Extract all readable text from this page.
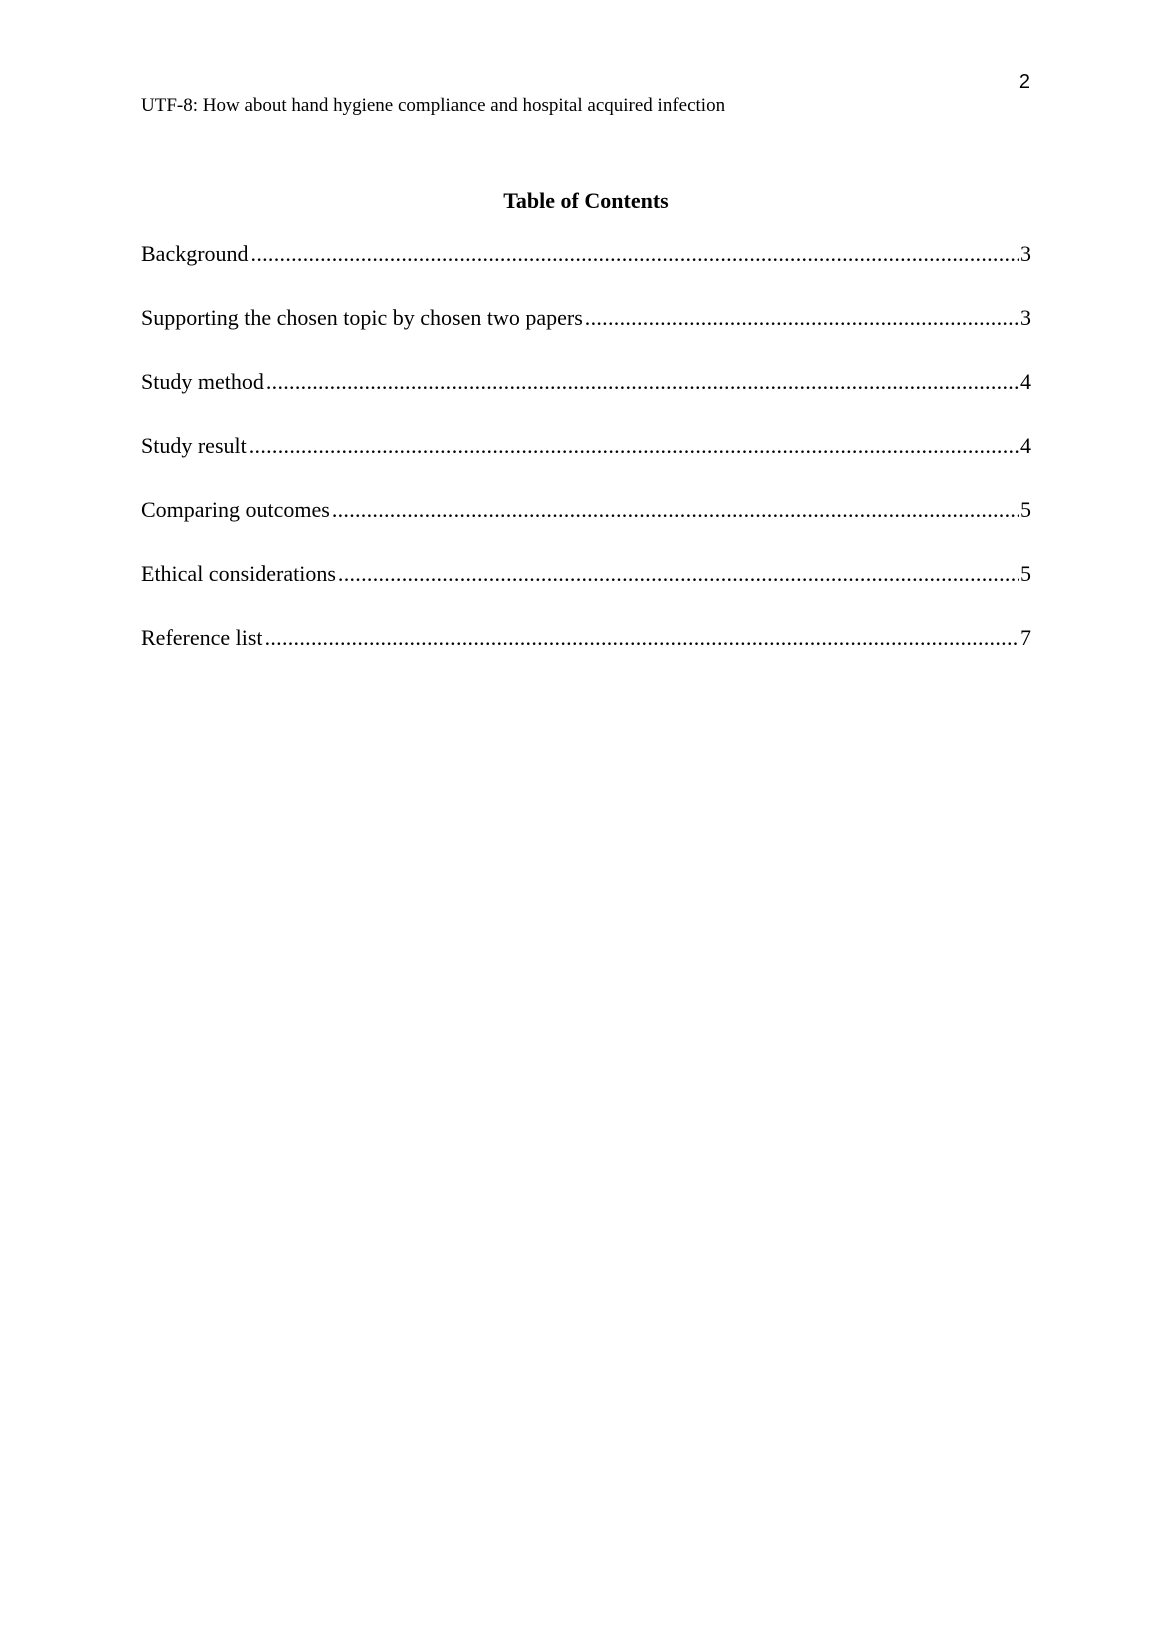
2
UTF-8: How about hand hygiene compliance and hospital acquired infection
Table of Contents
Background .....	3
Supporting the chosen topic by chosen two papers .....	3
Study method .....	4
Study result .....	4
Comparing outcomes .....	5
Ethical considerations .....	5
Reference list .....	7
